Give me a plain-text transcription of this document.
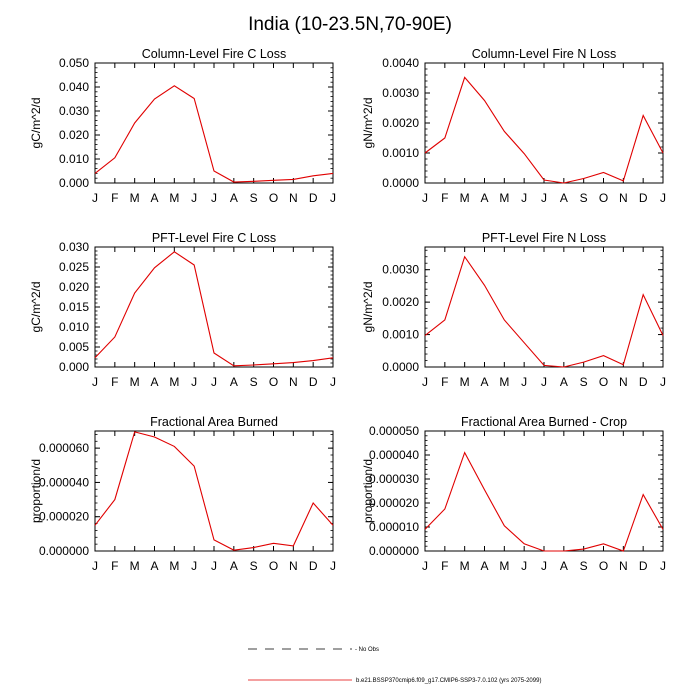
India (10-23.5N,70-90E)
Column-Level Fire C Loss
gC/m^2/d
J F M A M J J A S O N D J
0.000
0.010
0.020
0.030
0.040
0.050
Column-Level Fire N Loss
gN/m^2/d
J F M A M J J A S O N D J
0.0000
0.0010
0.0020
0.0030
0.0040
PFT-Level Fire C Loss
gC/m^2/d
J F M A M J J A S O N D J
0.000
0.005
0.010
0.015
0.020
0.025
0.030
PFT-Level Fire N Loss
gN/m^2/d
J F M A M J J A S O N D J
0.0000
0.0010
0.0020
0.0030
Fractional Area Burned
proportion/d
J F M A M J J A S O N D J
0.000000
0.000020
0.000040
0.000060
Fractional Area Burned - Crop
proportion/d
J F M A M J J A S O N D J
0.000000
0.000010
0.000020
0.000030
0.000040
0.000050
- No Obs
b.e21.BSSP370cmip6.f09_g17.CMIP6-SSP3-7.0.102 (yrs 2075-2099)
